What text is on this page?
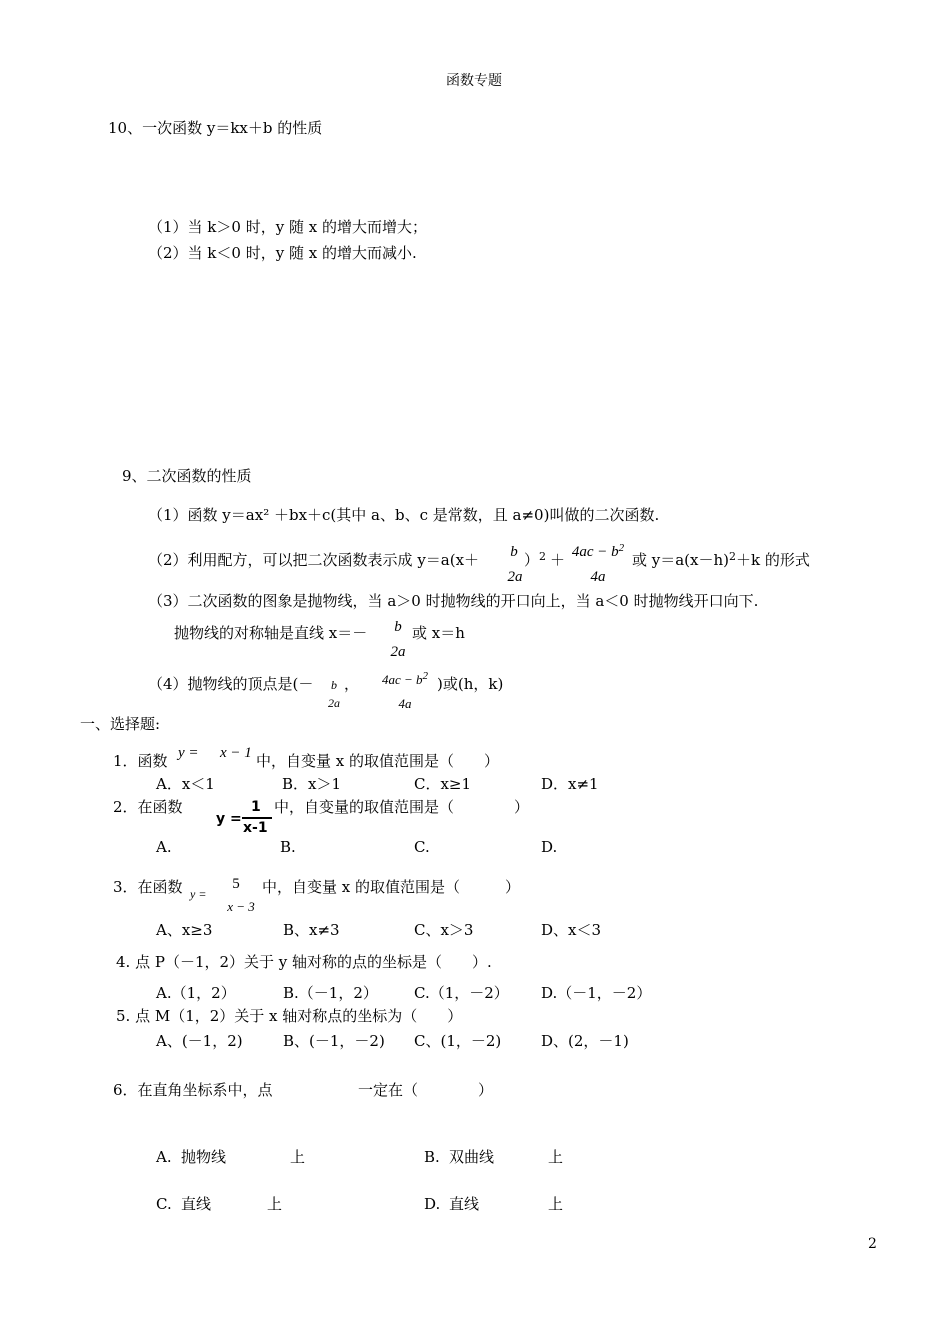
函数专题
10、一次函数 y＝kx＋b 的性质
（1）当 k＞0 时，y 随 x 的增大而增大；
（2）当 k＜0 时，y 随 x 的增大而减小.
9、二次函数的性质
（1）函数 y＝ax² ＋bx＋c(其中 a、b、c 是常数，且 a≠0)叫做的二次函数.
（2）利用配方，可以把二次函数表示成 y＝a(x＋ b
2a
）$^2 + 4ac - b^2$
4a
或 $y=a(x-h)^2+k$ 的形式
（3）二次函数的图象是抛物线，当 a＞0 时抛物线的开口向上，当 a＜0 时抛物线开口向下.
抛物线的对称轴是直线 x＝－ b
2a
或 x＝h
（4）抛物线的顶点是(－ b
2a
，	$4ac - b^2$
4a
)或(h，k)
一、选择题:
1．函数 y = x − 1 中，自变量 x 的取值范围是（　　）
A．x＜1	B．x＞1	C．x≥1	D．x≠1
2．在函数
y =
1
x-1
中，自变量的取值范围是（　　　　）
A.	B.	C.	D.
3．在函数 y =
5
x − 3
中，自变量 x 的取值范围是（　　　）
A、x≥3	B、x≠3	C、x＞3	D、x＜3
4. 点 P（－1，2）关于 y 轴对称的点的坐标是（　　）.
A.（1，2）	B.（－1，2） C.（1，－2） D.（－1，－2）
5. 点 M（1，2）关于 x 轴对称点的坐标为（　　）
A、(－1，2)	B、(－1，－2) C、(1，－2)	D、(2，－1)
6．在直角坐标系中，点	一定在（　　　　）
A. 抛物线	上	B. 双曲线	上
C. 直线	上	D. 直线	上
2
